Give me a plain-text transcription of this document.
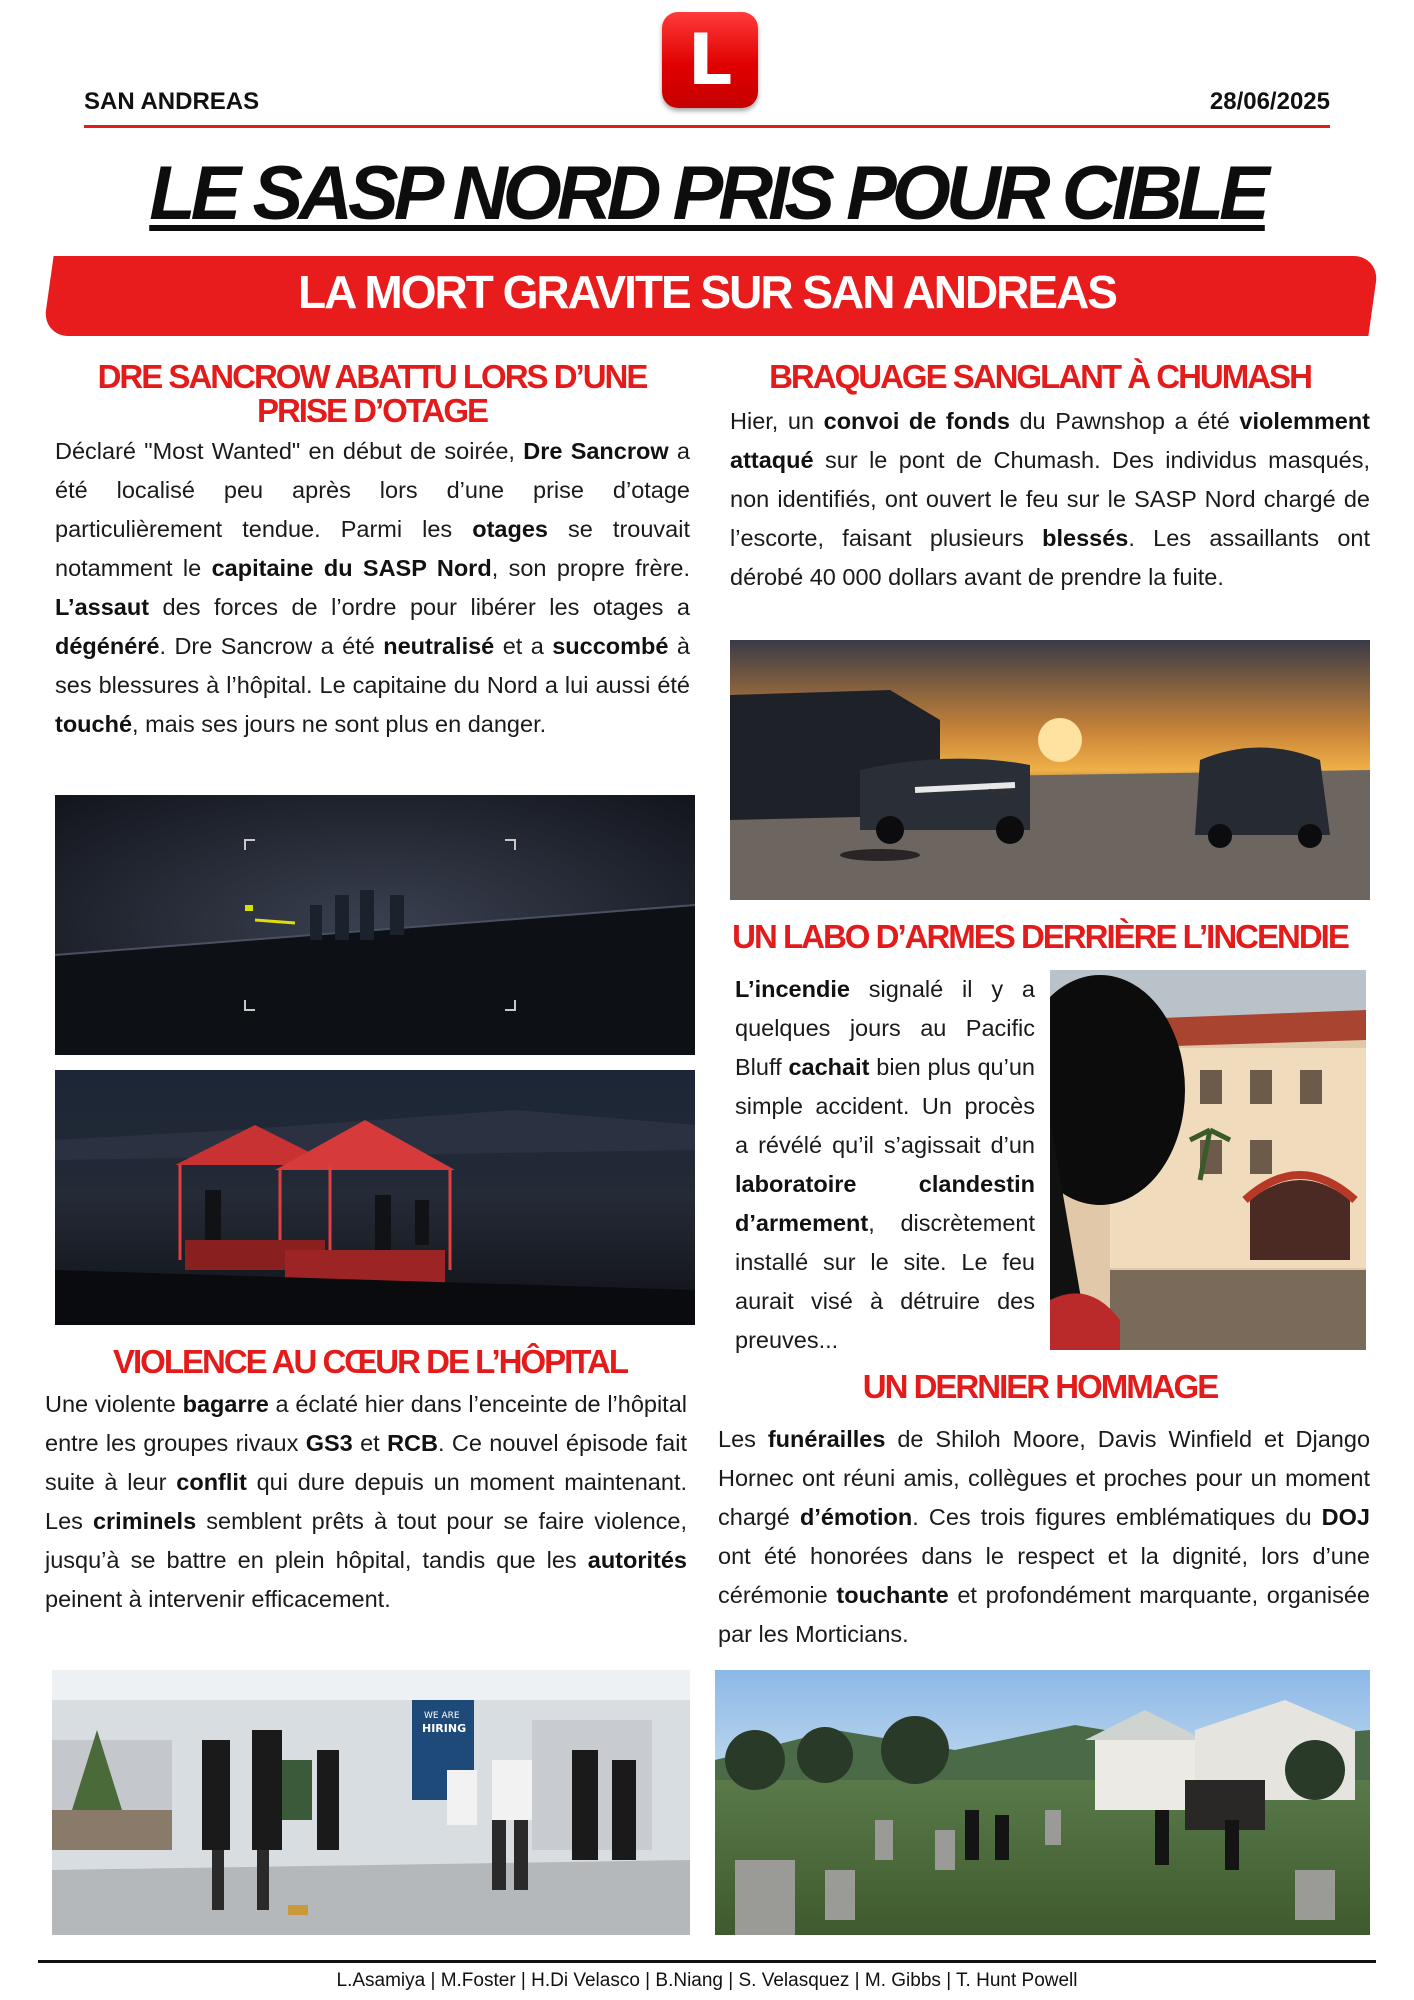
L
SAN ANDREAS	28/06/2025
LE SASP NORD PRIS POUR CIBLE
LA MORT GRAVITE SUR SAN ANDREAS
DRE SANCROW ABATTU LORS D’UNE
PRISE D’OTAGE
Déclaré "Most Wanted" en début de soirée, Dre Sancrow a été localisé peu après lors d’une prise d’otage particulièrement tendue. Parmi les otages se trouvait notamment le capitaine du SASP Nord, son propre frère. L’assaut des forces de l’ordre pour libérer les otages a dégénéré. Dre Sancrow a été neutralisé et a succombé à ses blessures à l’hôpital. Le capitaine du Nord a lui aussi été touché, mais ses jours ne sont plus en danger.
BRAQUAGE SANGLANT À CHUMASH
Hier, un convoi de fonds du Pawnshop a été violemment attaqué sur le pont de Chumash. Des individus masqués, non identifiés, ont ouvert le feu sur le SASP Nord chargé de l’escorte, faisant plusieurs blessés. Les assaillants ont dérobé 40 000 dollars avant de prendre la fuite.
POLICE
UN LABO D’ARMES DERRIÈRE L’INCENDIE
L’incendie signalé il y a quelques jours au Pacific Bluff cachait bien plus qu’un simple accident. Un procès a révélé qu’il s’agissait d’un laboratoire clandestin d’armement, discrètement installé sur le site. Le feu aurait visé à détruire des preuves...
VIOLENCE AU CŒUR DE L’HÔPITAL
Une violente bagarre a éclaté hier dans l’enceinte de l’hôpital entre les groupes rivaux GS3 et RCB. Ce nouvel épisode fait suite à leur conflit qui dure depuis un moment maintenant. Les criminels semblent prêts à tout pour se faire violence, jusqu’à se battre en plein hôpital, tandis que les autorités peinent à intervenir efficacement.
WE ARE
HIRING
UN DERNIER HOMMAGE
Les funérailles de Shiloh Moore, Davis Winfield et Django Hornec ont réuni amis, collègues et proches pour un moment chargé d’émotion. Ces trois figures emblématiques du DOJ ont été honorées dans le respect et la dignité, lors d’une cérémonie touchante et profondément marquante, organisée par les Morticians.
L.Asamiya | M.Foster | H.Di Velasco | B.Niang | S. Velasquez | M. Gibbs | T. Hunt Powell
